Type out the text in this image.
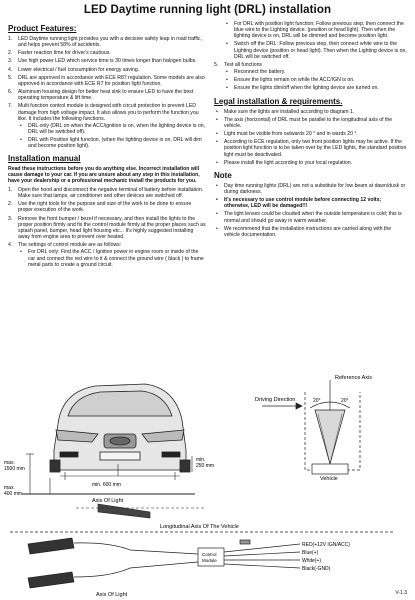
LED Daytime running light (DRL) installation
Product Features:
1. LED Daytime running light provides you with a decisive safety leap in road traffic, and helps prevent 58% of accidents.
2. Faster reaction time for driver's cautious.
3. Use high power LED which service time is 30 times longer than halogen bulbs.
4. Lower electrical / fuel consumption for energy saving.
5. DRL are approved in accordance with ECE R87 regulation. Some models are also approved in accordance with ECE R7 for position light function.
6. Aluminum housing design for better heat sink to ensure LED to have the best operating temperature & lift time.
7. Multi function control module is designed with circuit protection to prevent LED damage from high voltage impact. It also allows you to perform the function you like. It includes the following functions.
• DRL only (DRL on when the ACC/ignition is on, when the lighting device is on, DRL will be switched off).
• DRL with Position light function, (when the lighting device is on, DRL will dim and become position light).
Installation manual
Read these instructions before you do anything else. Incorrect installation will cause damage to your car. If you are unsure about any step in this installation, have your dealership or a professional mechanic install the products for you.
1. Open the hood and disconnect the negative terminal of battery before installation. Make sure that lamps, air conditioner and other devices are switched off.
2. Use the right tools for the purpose and size of the work to be done to ensure proper execution of the work.
3. Remove the front bumper / bezel if necessary, and then install the lights to the proper position firmly and fix the control module firmly at the proper places such as splash panel, bumper, head light housing etc... It's highly suggested installing away from engine area to prevent over heated.
4. The settings of control module are as follows:
• For DRL only: Find the ACC / Ignition power in engine room or inside of the car and connect the red wire to it & connect the ground wire ( black ) to frame metal parts to create a ground circuit.
• For DRL with position light function: Follow previous step, then connect the blue wire to the Lighting device. (position or head light). Then when the lighting device is on, DRL will be dimmed and become position light.
• Switch off the DRL: Follow previous step, then connect white wire to the Lighting device (position or head light). Then when the Lighting device is on, DRL will be switched off.
5. Test all functions
• Reconnect the battery.
• Ensure the lights remain on while the ACC/IGN is on.
• Ensure the lights dim/off when the lighting device are turned on.
Legal installation & requirements.
• Make sure the lights are installed according to diagram 1.
• The axis (horizontal) of DRL must be parallel to the longitudinal axis of the vehicle.
• Light must be visible from outwards 20 ° and in wards 20 °.
• According to ECE regulation, only two front position lights may be active. If the position light function is to be taken over by the LED lights, the standard position light must be deactivated.
• Please install the light according to your local regulation.
Note
• Day time running lights (DRL) are not a substitute for low beam at dawn/dusk or during darkness.
• It's necessary to use control module before connecting 12 volts; otherwise, LED will be damaged!!!
• The light lenses could be clouded when the outside temperature is cold; this is normal and should go away in warm weather.
• We recommend that the installation instructions are carried along with the vehicle documentation.
max.
1500 mm
max.
400 mm
min. 600 mm
min.
250 mm
Driving Direction
Reference Axis
20°	20°
Vehicle
Axis Of Light
Control
Module
Longitudinal Axis Of The Vehicle
RED(+12V IGN/ACC)
Blue(+)
White(+)
Black(-GND)
Axis Of Light	V-1.3
